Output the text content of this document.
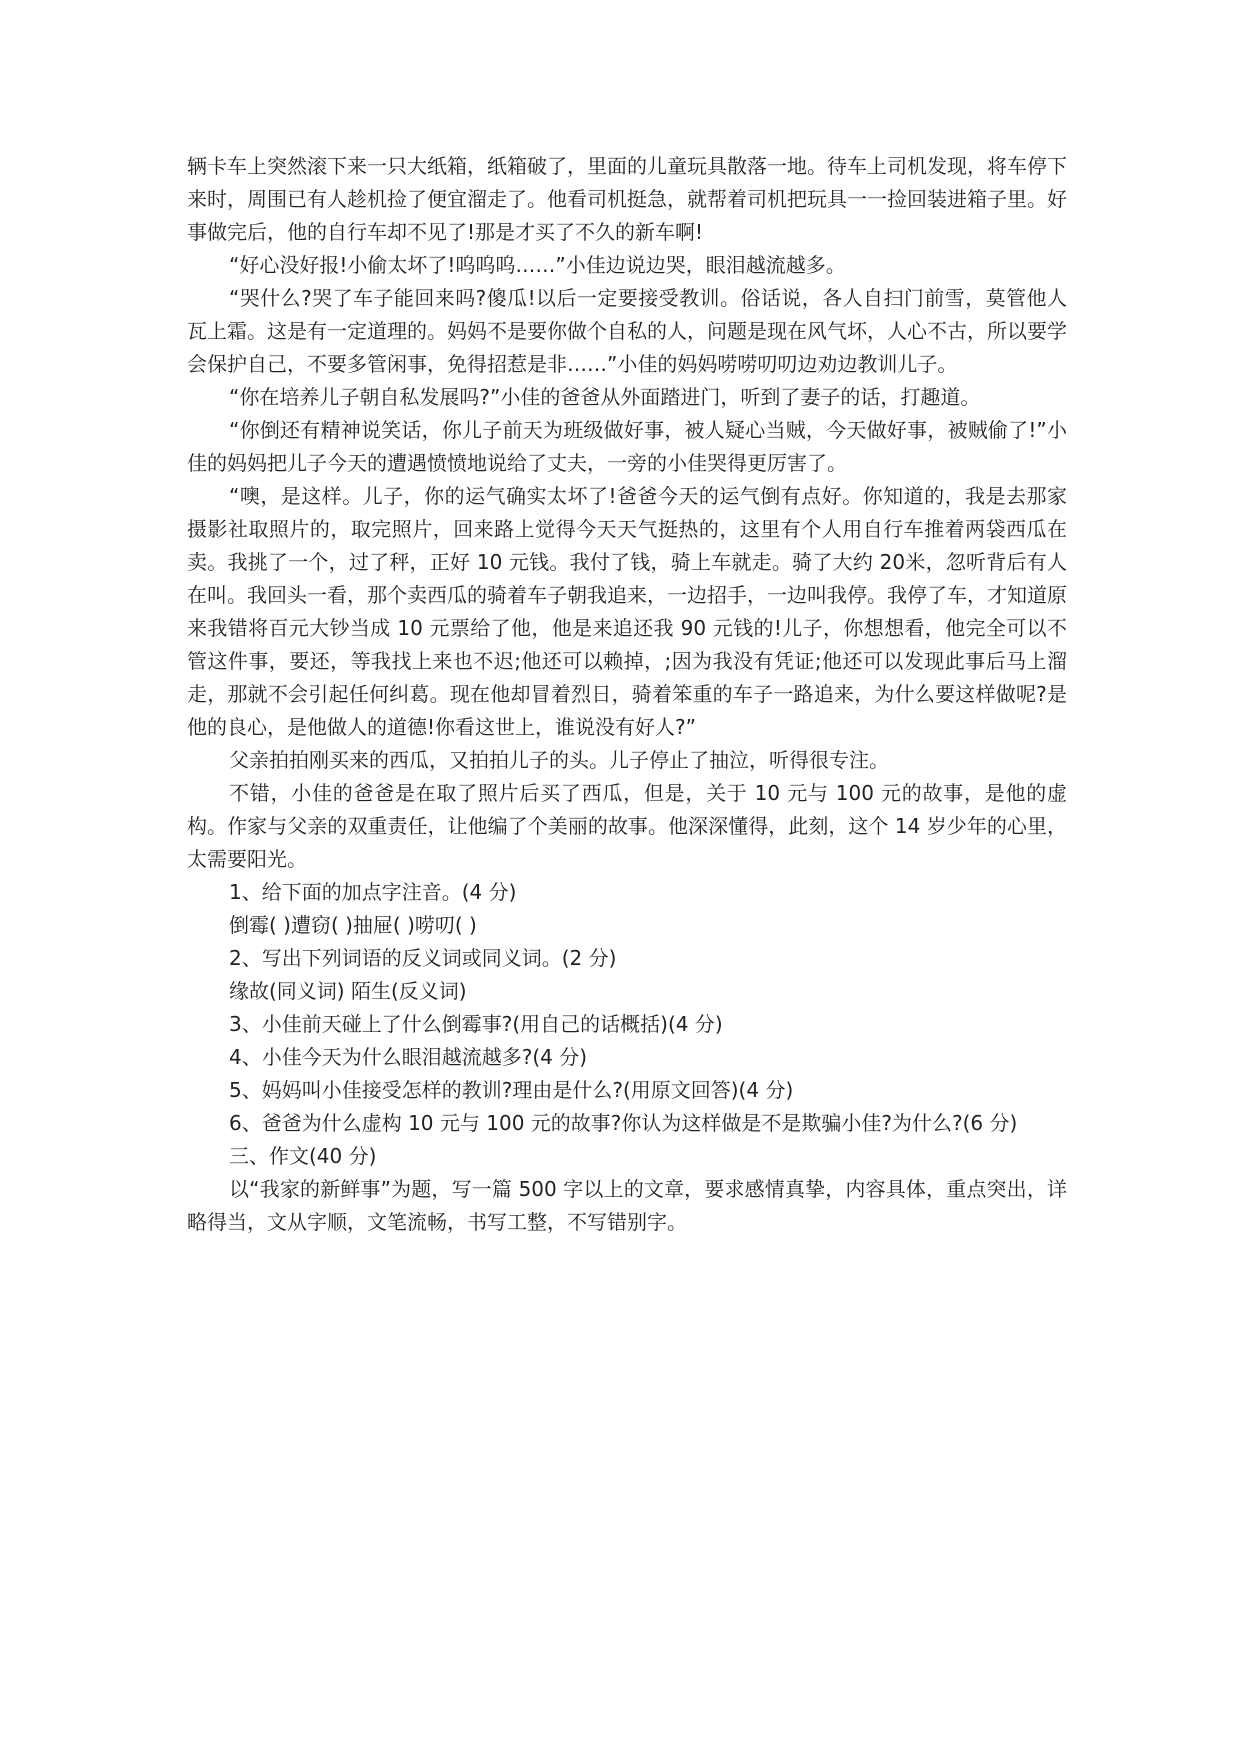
辆卡车上突然滚下来一只大纸箱，纸箱破了，里面的儿童玩具散落一地。待车上司机发现，将车停下来时，周围已有人趁机捡了便宜溜走了。他看司机挺急，就帮着司机把玩具一一捡回装进箱子里。好事做完后，他的自行车却不见了!那是才买了不久的新车啊!

“好心没好报!小偷太坏了!呜呜呜……”小佳边说边哭，眼泪越流越多。

“哭什么?哭了车子能回来吗?傻瓜!以后一定要接受教训。俗话说，各人自扫门前雪，莫管他人瓦上霜。这是有一定道理的。妈妈不是要你做个自私的人，问题是现在风气坏，人心不古，所以要学会保护自己，不要多管闲事，免得招惹是非……”小佳的妈妈唠唠叨叨边劝边教训儿子。

“你在培养儿子朝自私发展吗?”小佳的爸爸从外面踏进门，听到了妻子的话，打趣道。

“你倒还有精神说笑话，你儿子前天为班级做好事，被人疑心当贼，今天做好事，被贼偷了!”小佳的妈妈把儿子今天的遭遇愤愤地说给了丈夫，一旁的小佳哭得更厉害了。

“噢，是这样。儿子，你的运气确实太坏了!爸爸今天的运气倒有点好。你知道的，我是去那家摄影社取照片的，取完照片，回来路上觉得今天天气挺热的，这里有个人用自行车推着两袋西瓜在卖。我挑了一个，过了秤，正好 10 元钱。我付了钱，骑上车就走。骑了大约 20米，忽听背后有人在叫。我回头一看，那个卖西瓜的骑着车子朝我追来，一边招手，一边叫我停。我停了车，才知道原来我错将百元大钞当成 10 元票给了他，他是来追还我 90 元钱的!儿子，你想想看，他完全可以不管这件事，要还，等我找上来也不迟;他还可以赖掉，;因为我没有凭证;他还可以发现此事后马上溜走，那就不会引起任何纠葛。现在他却冒着烈日，骑着笨重的车子一路追来，为什么要这样做呢?是他的良心，是他做人的道德!你看这世上，谁说没有好人?”

父亲拍拍刚买来的西瓜，又拍拍儿子的头。儿子停止了抽泣，听得很专注。

不错，小佳的爸爸是在取了照片后买了西瓜，但是，关于 10 元与 100 元的故事，是他的虚构。作家与父亲的双重责任，让他编了个美丽的故事。他深深懂得，此刻，这个 14 岁少年的心里，太需要阳光。

1、给下面的加点字注音。(4 分)

倒霉( )遭窃( )抽屉( )唠叨( )

2、写出下列词语的反义词或同义词。(2 分)

缘故(同义词) 陌生(反义词)

3、小佳前天碰上了什么倒霉事?(用自己的话概括)(4 分)

4、小佳今天为什么眼泪越流越多?(4 分)

5、妈妈叫小佳接受怎样的教训?理由是什么?(用原文回答)(4 分)

6、爸爸为什么虚构 10 元与 100 元的故事?你认为这样做是不是欺骗小佳?为什么?(6 分)

三、作文(40 分)

以“我家的新鲜事”为题，写一篇 500 字以上的文章，要求感情真挚，内容具体，重点突出，详略得当，文从字顺，文笔流畅，书写工整，不写错别字。
